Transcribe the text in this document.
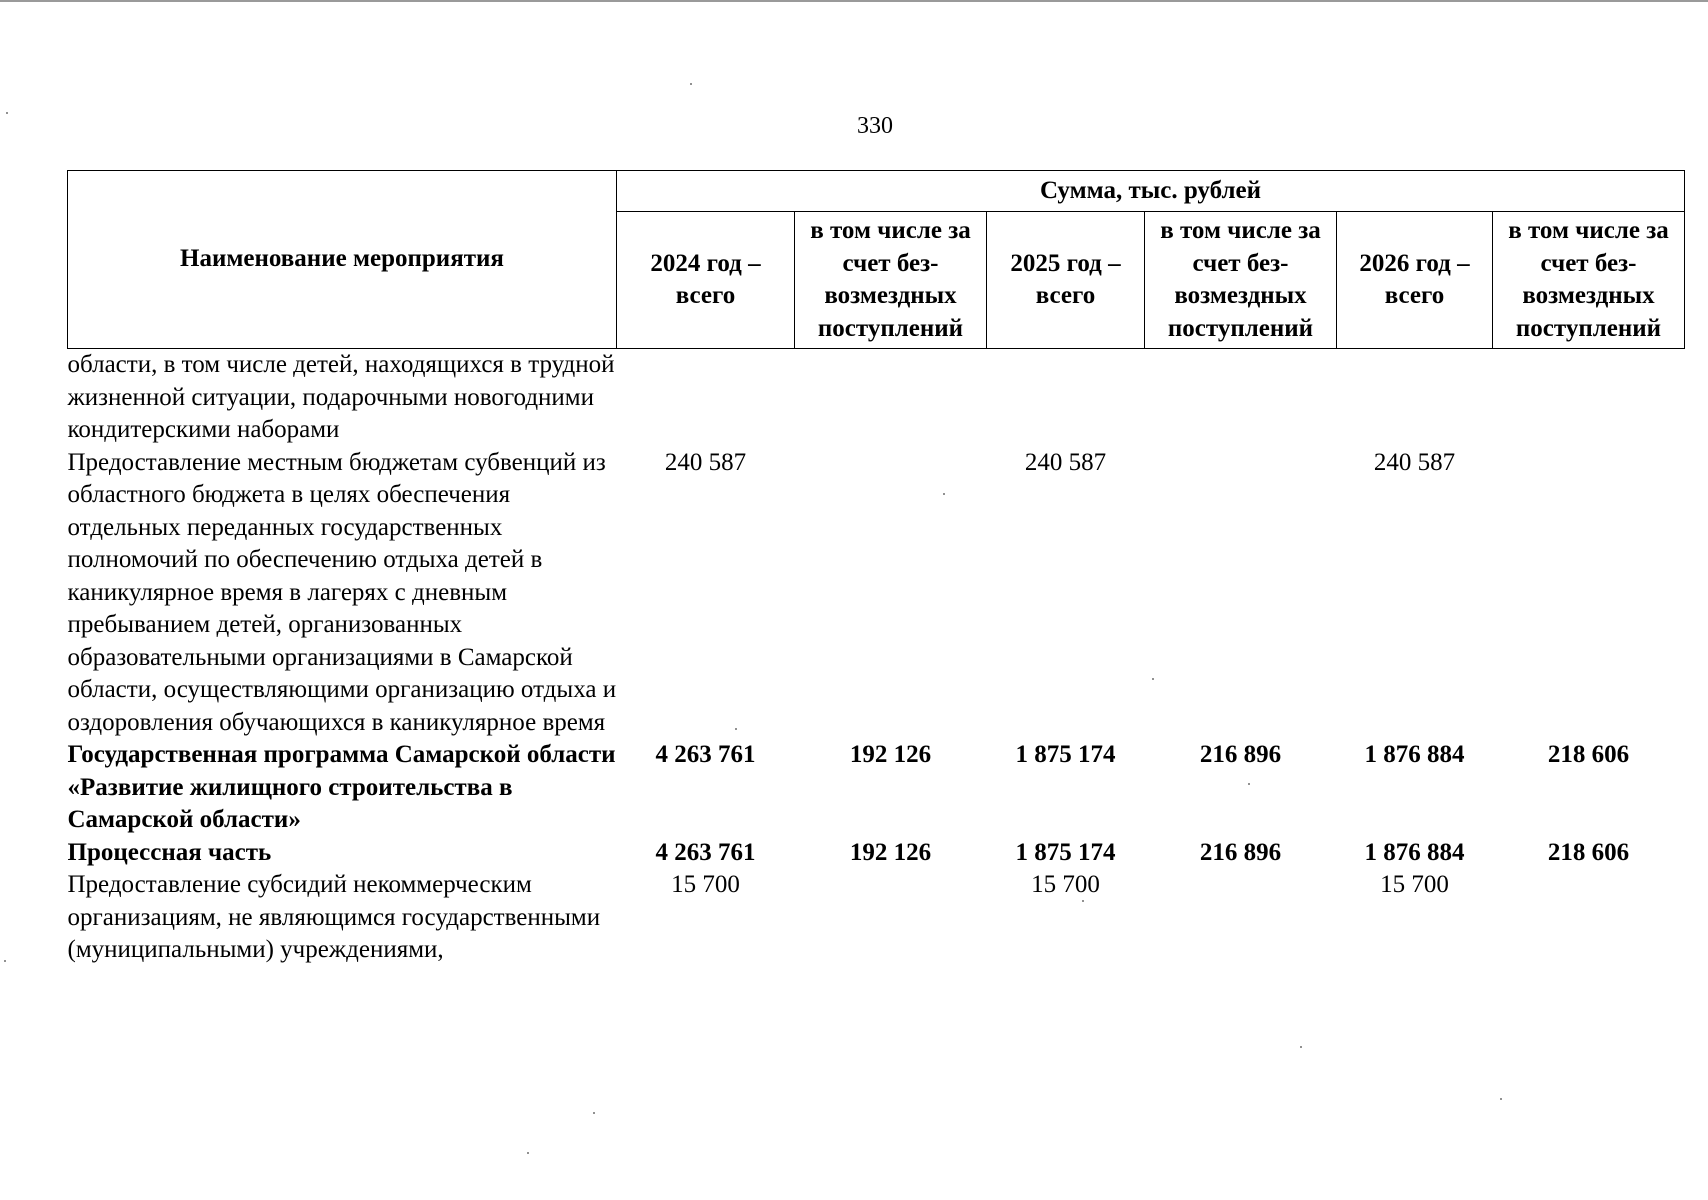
330
Наименование мероприятия	Сумма, тыс. рублей					
	2024 год – всего	в том числе за счет без-возмездных поступлений	2025 год – всего	в том числе за счет без-возмездных поступлений	2026 год – всего	в том числе за счет без-возмездных поступлений
области, в том числе детей, находящихся в трудной жизненной ситуации, подарочными новогодними кондитерскими наборами						
Предоставление местным бюджетам субвенций из областного бюджета в целях обеспечения отдельных переданных государственных полномочий по обеспечению отдыха детей в каникулярное время в лагерях с дневным пребыванием детей, организованных образовательными организациями в Самарской области, осуществляющими организацию отдыха и оздоровления обучающихся в каникулярное время	240 587		240 587		240 587	
Государственная программа Самарской области «Развитие жилищного строительства в Самарской области»	4 263 761	192 126	1 875 174	216 896	1 876 884	218 606
Процессная часть	4 263 761	192 126	1 875 174	216 896	1 876 884	218 606
Предоставление субсидий некоммерческим организациям, не являющимся государственными (муниципальными) учреждениями,	15 700		15 700		15 700	
